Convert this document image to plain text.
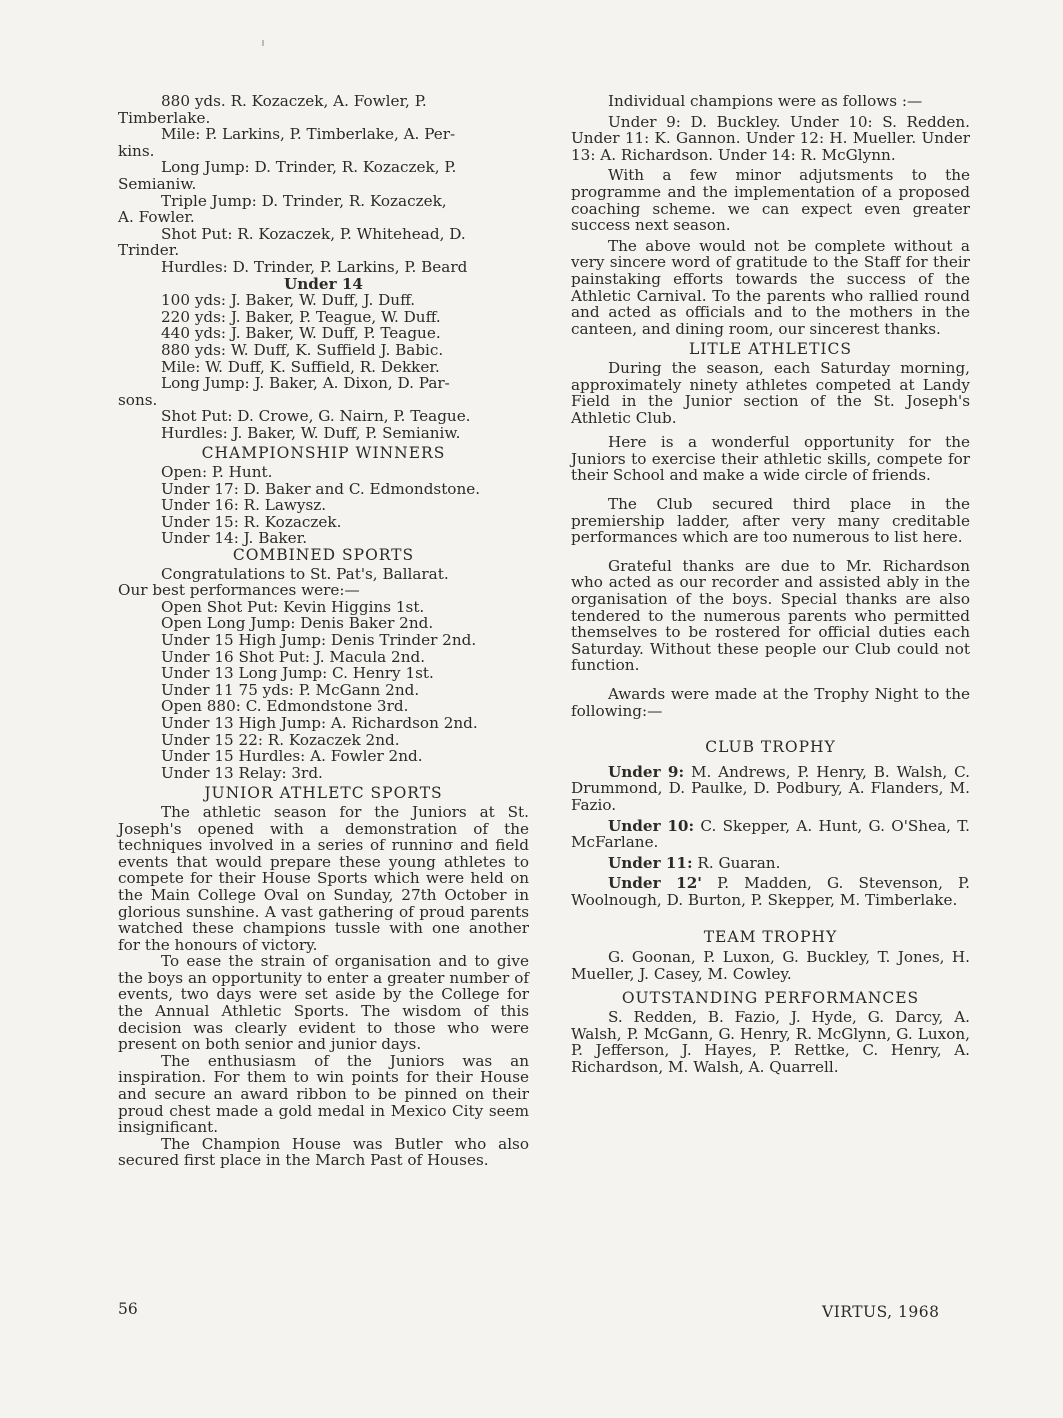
880 yds. R. Kozaczek, A. Fowler, P.
Timberlake.
Mile: P. Larkins, P. Timberlake, A. Per-
kins.
Long Jump: D. Trinder, R. Kozaczek, P.
Semianiw.
Triple Jump: D. Trinder, R. Kozaczek,
A. Fowler.
Shot Put: R. Kozaczek, P. Whitehead, D.
Trinder.
Hurdles: D. Trinder, P. Larkins, P. Beard
Under 14
100 yds: J. Baker, W. Duff, J. Duff.
220 yds: J. Baker, P. Teague, W. Duff.
440 yds: J. Baker, W. Duff, P. Teague.
880 yds: W. Duff, K. Suffield J. Babic.
Mile: W. Duff, K. Suffield, R. Dekker.
Long Jump: J. Baker, A. Dixon, D. Par-
sons.
Shot Put: D. Crowe, G. Nairn, P. Teague.
Hurdles: J. Baker, W. Duff, P. Semianiw.
CHAMPIONSHIP WINNERS
Open: P. Hunt.
Under 17: D. Baker and C. Edmondstone.
Under 16: R. Lawysz.
Under 15: R. Kozaczek.
Under 14: J. Baker.
COMBINED SPORTS
Congratulations to St. Pat's, Ballarat.
Our best performances were:—
Open Shot Put: Kevin Higgins 1st.
Open Long Jump: Denis Baker 2nd.
Under 15 High Jump: Denis Trinder 2nd.
Under 16 Shot Put: J. Macula 2nd.
Under 13 Long Jump: C. Henry 1st.
Under 11 75 yds: P. McGann 2nd.
Open 880: C. Edmondstone 3rd.
Under 13 High Jump: A. Richardson 2nd.
Under 15 22: R. Kozaczek 2nd.
Under 15 Hurdles: A. Fowler 2nd.
Under 13 Relay: 3rd.
JUNIOR ATHLETC SPORTS

The athletic season for the Juniors at St. Joseph's opened with a demonstration of the techniques involved in a series of runninσ and field events that would prepare these young athletes to compete for their House Sports which were held on the Main College Oval on Sunday, 27th October in glorious sunshine. A vast gathering of proud parents watched these champions tussle with one another for the honours of victory.

To ease the strain of organisation and to give the boys an opportunity to enter a greater number of events, two days were set aside by the College for the Annual Athletic Sports. The wisdom of this decision was clearly evident to those who were present on both senior and junior days.

The enthusiasm of the Juniors was an inspiration. For them to win points for their House and secure an award ribbon to be pinned on their proud chest made a gold medal in Mexico City seem insignificant.

The Champion House was Butler who also secured first place in the March Past of Houses.

Individual champions were as follows :—

Under 9: D. Buckley. Under 10: S. Redden. Under 11: K. Gannon. Under 12: H. Mueller. Under 13: A. Richardson. Under 14: R. McGlynn.

With a few minor adjutsments to the programme and the implementation of a proposed coaching scheme. we can expect even greater success next season.

The above would not be complete without a very sincere word of gratitude to the Staff for their painstaking efforts towards the success of the Athletic Carnival. To the parents who rallied round and acted as officials and to the mothers in the canteen, and dining room, our sincerest thanks.

LITLE ATHLETICS

During the season, each Saturday morning, approximately ninety athletes competed at Landy Field in the Junior section of the St. Joseph's Athletic Club.

Here is a wonderful opportunity for the Juniors to exercise their athletic skills, compete for their School and make a wide circle of friends.

The Club secured third place in the premiership ladder, after very many creditable performances which are too numerous to list here.

Grateful thanks are due to Mr. Richardson who acted as our recorder and assisted ably in the organisation of the boys. Special thanks are also tendered to the numerous parents who permitted themselves to be rostered for official duties each Saturday. Without these people our Club could not function.

Awards were made at the Trophy Night to the following:—

CLUB TROPHY

Under 9: M. Andrews, P. Henry, B. Walsh, C. Drummond, D. Paulke, D. Podbury, A. Flanders, M. Fazio.

Under 10: C. Skepper, A. Hunt, G. O'Shea, T. McFarlane.

Under 11: R. Guaran.

Under 12' P. Madden, G. Stevenson, P. Woolnough, D. Burton, P. Skepper, M. Timberlake.

TEAM TROPHY

G. Goonan, P. Luxon, G. Buckley, T. Jones, H. Mueller, J. Casey, M. Cowley.

OUTSTANDING PERFORMANCES

S. Redden, B. Fazio, J. Hyde, G. Darcy, A. Walsh, P. McGann, G. Henry, R. McGlynn, G. Luxon, P. Jefferson, J. Hayes, P. Rettke, C. Henry, A. Richardson, M. Walsh, A. Quarrell.

56	VIRTUS, 1968
